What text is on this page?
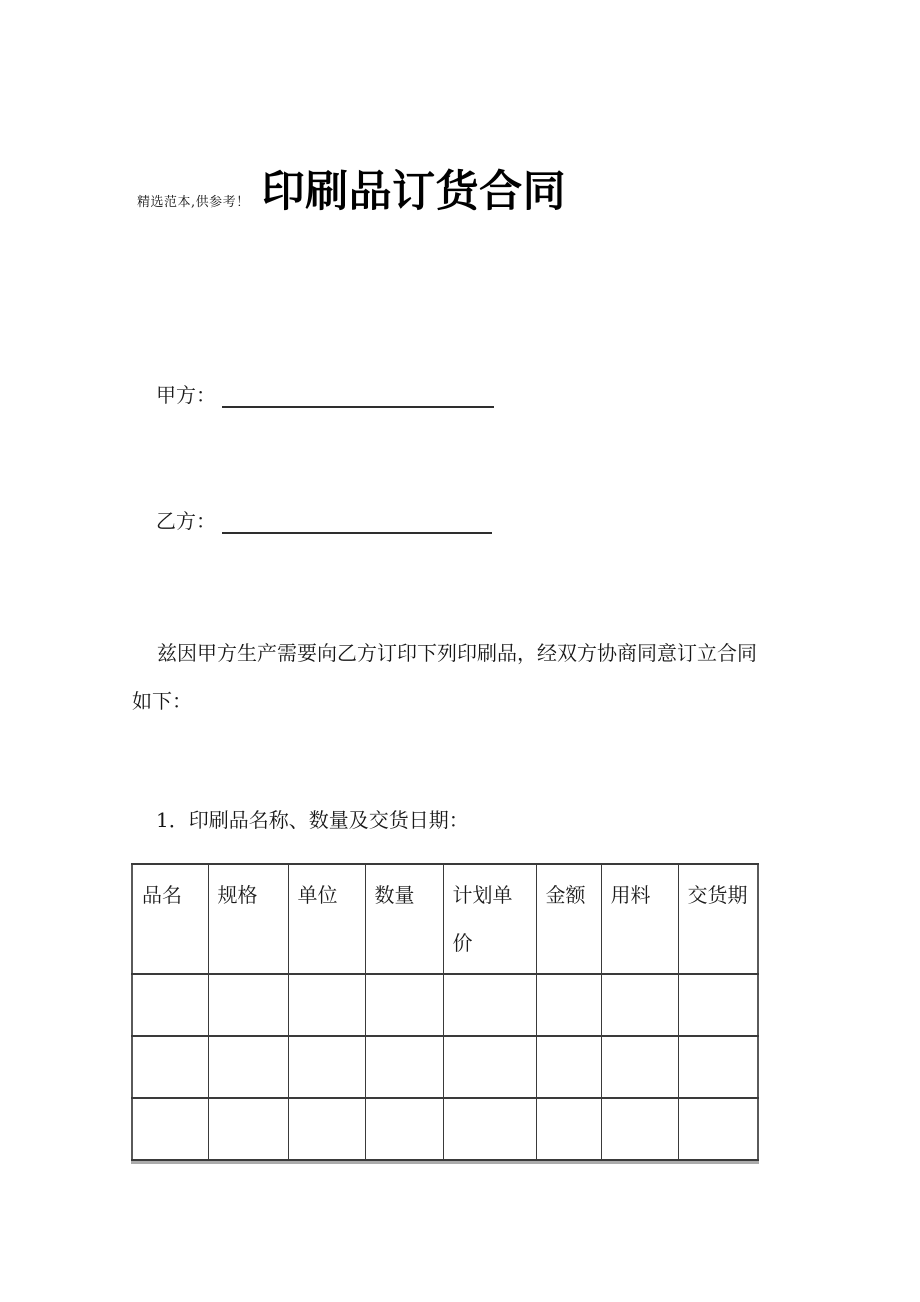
精选范本,供参考！ 印刷品订货合同
甲方：
乙方：
兹因甲方生产需要向乙方订印下列印刷品，经双方协商同意订立合同
如下：
1．印刷品名称、数量及交货日期：
品名	规格	单位	数量	计划单价	金额	用料	交货期
